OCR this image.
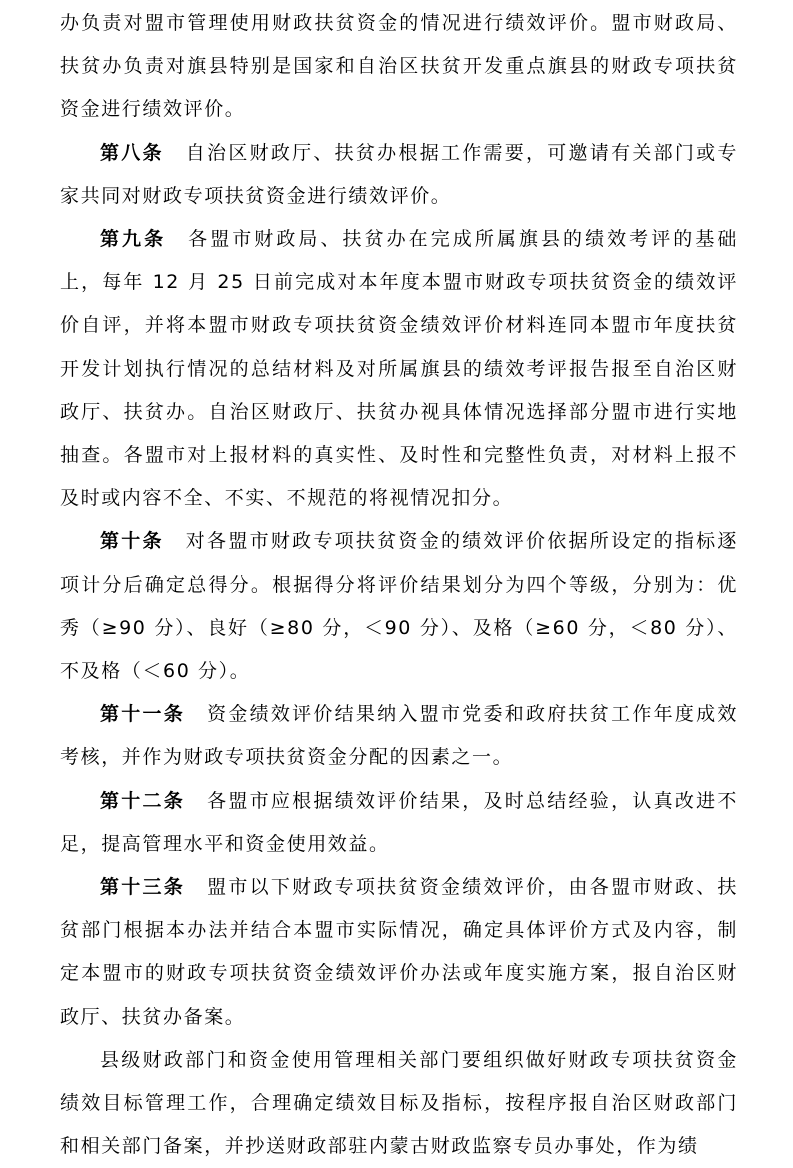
办负责对盟市管理使用财政扶贫资金的情况进行绩效评价。盟市财政局、扶贫办负责对旗县特别是国家和自治区扶贫开发重点旗县的财政专项扶贫资金进行绩效评价。

第八条 自治区财政厅、扶贫办根据工作需要，可邀请有关部门或专家共同对财政专项扶贫资金进行绩效评价。

第九条 各盟市财政局、扶贫办在完成所属旗县的绩效考评的基础上，每年 12 月 25 日前完成对本年度本盟市财政专项扶贫资金的绩效评价自评，并将本盟市财政专项扶贫资金绩效评价材料连同本盟市年度扶贫开发计划执行情况的总结材料及对所属旗县的绩效考评报告报至自治区财政厅、扶贫办。自治区财政厅、扶贫办视具体情况选择部分盟市进行实地抽查。各盟市对上报材料的真实性、及时性和完整性负责，对材料上报不及时或内容不全、不实、不规范的将视情况扣分。

第十条 对各盟市财政专项扶贫资金的绩效评价依据所设定的指标逐项计分后确定总得分。根据得分将评价结果划分为四个等级，分别为：优秀（≥90 分）、良好（≥80 分，＜90 分）、及格（≥60 分，＜80 分）、不及格（＜60 分）。

第十一条 资金绩效评价结果纳入盟市党委和政府扶贫工作年度成效考核，并作为财政专项扶贫资金分配的因素之一。

第十二条 各盟市应根据绩效评价结果，及时总结经验，认真改进不足，提高管理水平和资金使用效益。

第十三条 盟市以下财政专项扶贫资金绩效评价，由各盟市财政、扶贫部门根据本办法并结合本盟市实际情况，确定具体评价方式及内容，制定本盟市的财政专项扶贫资金绩效评价办法或年度实施方案，报自治区财政厅、扶贫办备案。

县级财政部门和资金使用管理相关部门要组织做好财政专项扶贫资金绩效目标管理工作，合理确定绩效目标及指标，按程序报自治区财政部门和相关部门备案，并抄送财政部驻内蒙古财政监察专员办事处，作为绩
